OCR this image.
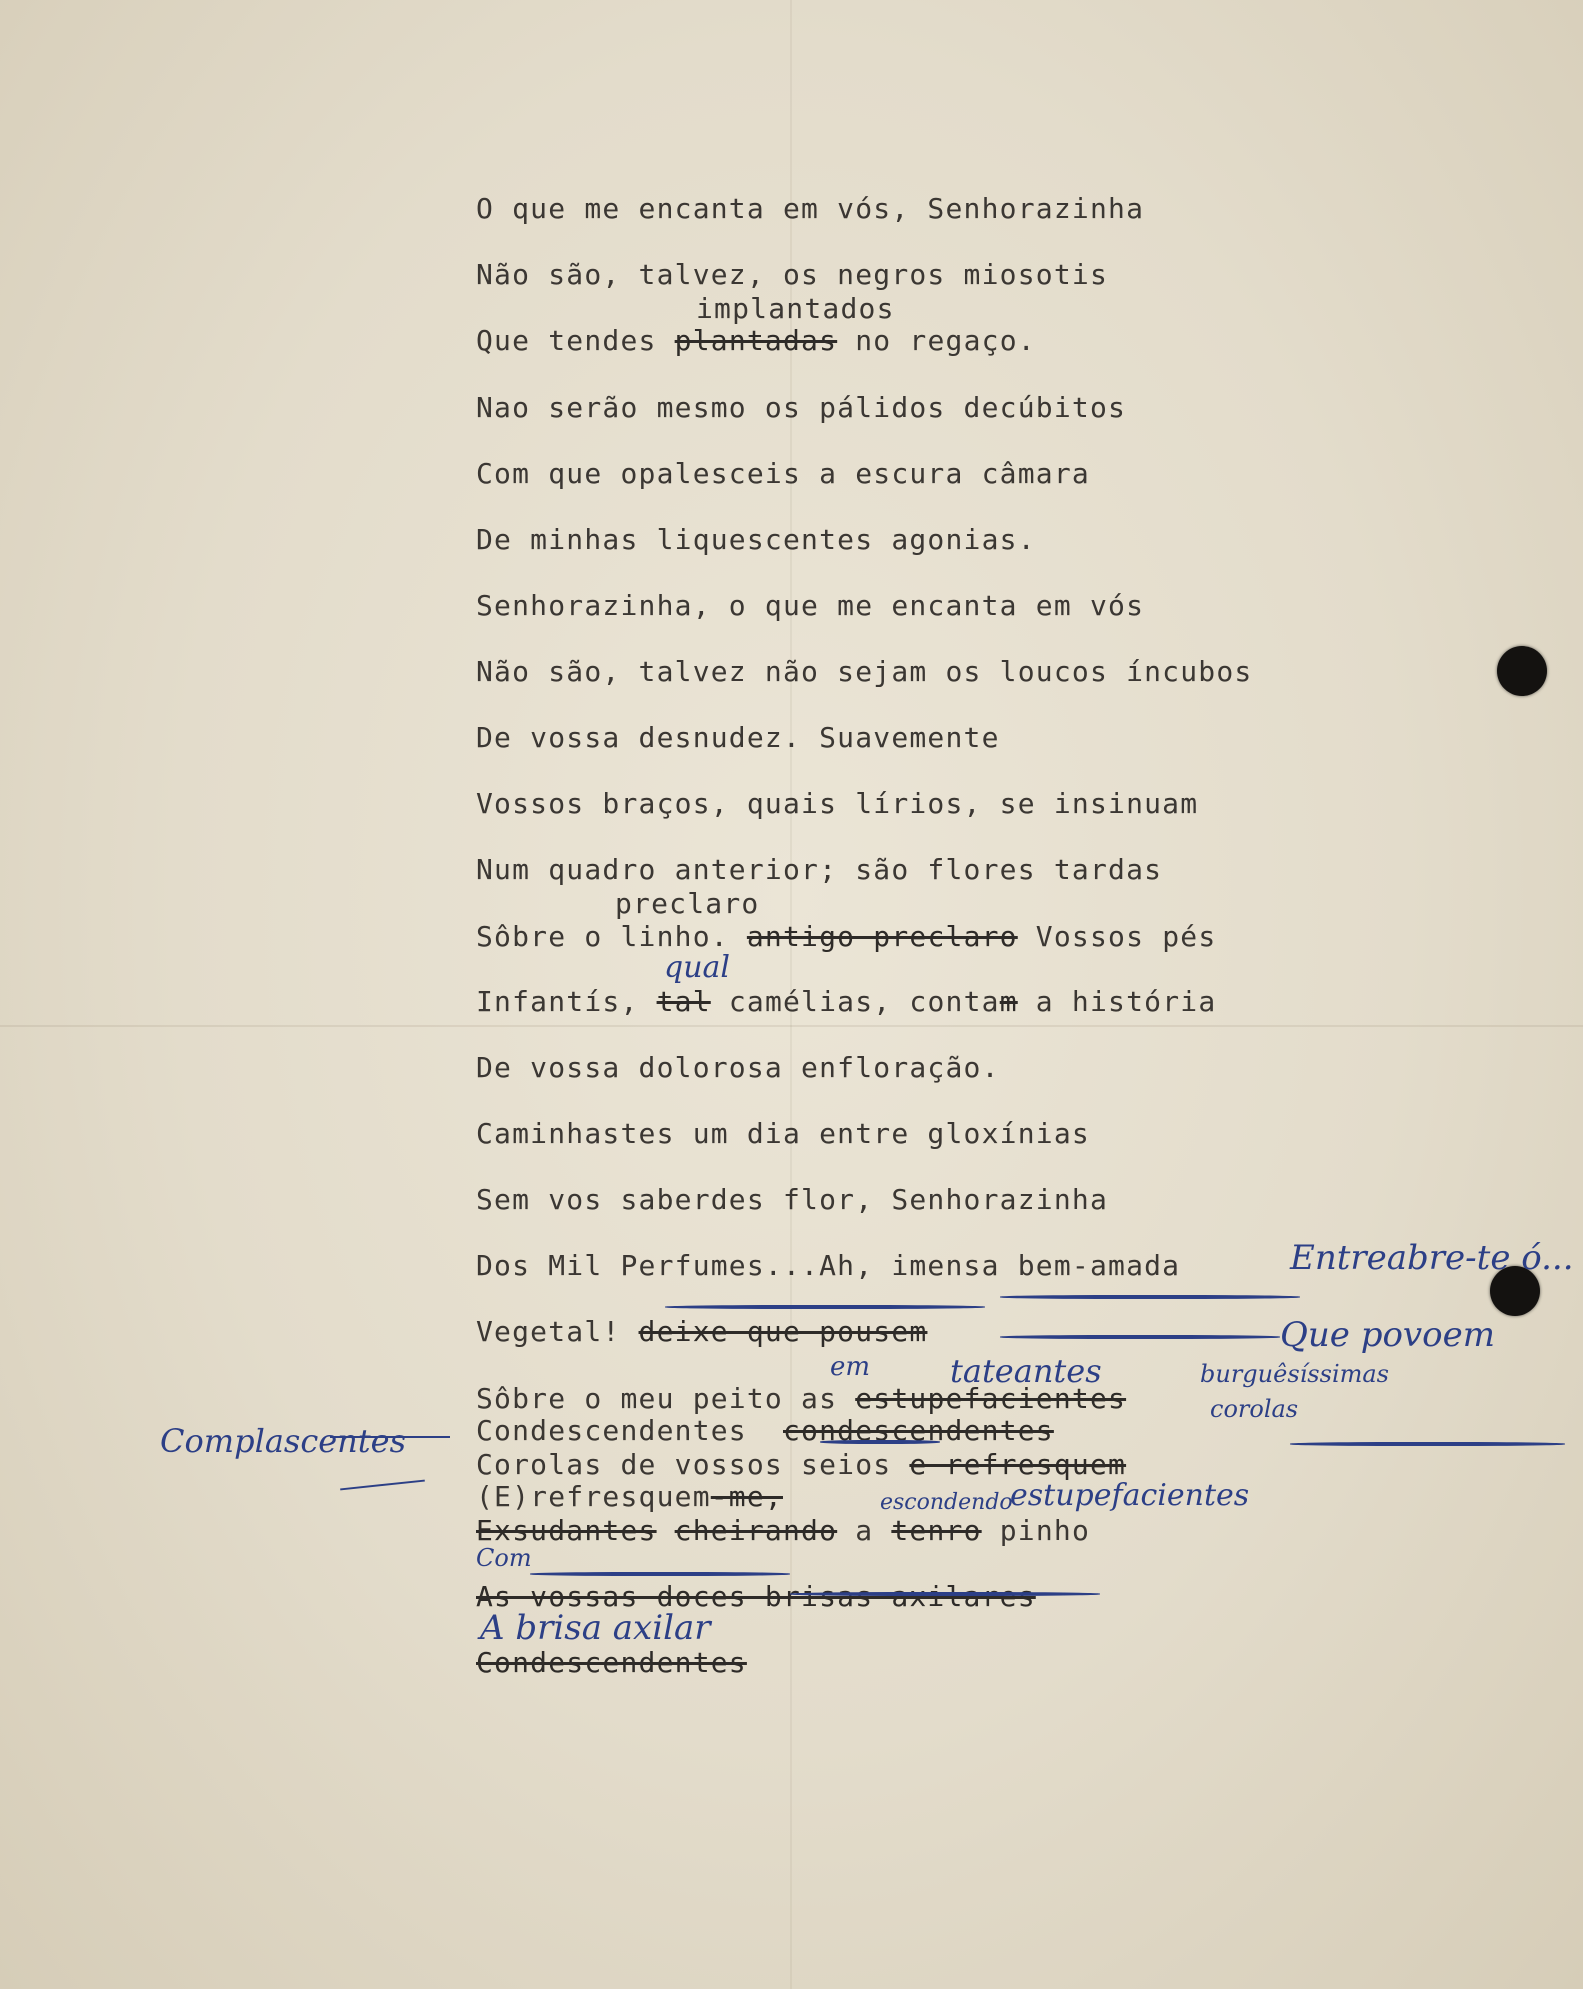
O que me encanta em vós, Senhorazinha
Não são, talvez, os negros miosotis
implantados
Que tendes plantadas no regaço.
Nao serão mesmo os pálidos decúbitos
Com que opalesceis a escura câmara
De minhas liquescentes agonias.
Senhorazinha, o que me encanta em vós
Não são, talvez não sejam os loucos íncubos
De vossa desnudez. Suavemente
Vossos braços, quais lírios, se insinuam
Num quadro anterior; são flores tardas
preclaro
Sôbre o linho. antigo preclaro Vossos pés
Infantís, tal camélias, contam a história
De vossa dolorosa enfloração.
Caminhastes um dia entre gloxínias
Sem vos saberdes flor, Senhorazinha
Dos Mil Perfumes...Ah, imensa bem-amada
Vegetal! deixe que pousem
Sôbre o meu peito as estupefacientes
Condescendentes condescendentes
Corolas de vossos seios e refresquem
(E)refresquem-me,
Exsudantes cheirando a tenro pinho
As vossas doces brisas axilares
Condescendentes
qual
Entreabre-te ó...
Que povoem
tateantes
em	burguêsíssimas
corolas
Complascentes
escondendo
estupefacientes
Com
A brisa axilar
